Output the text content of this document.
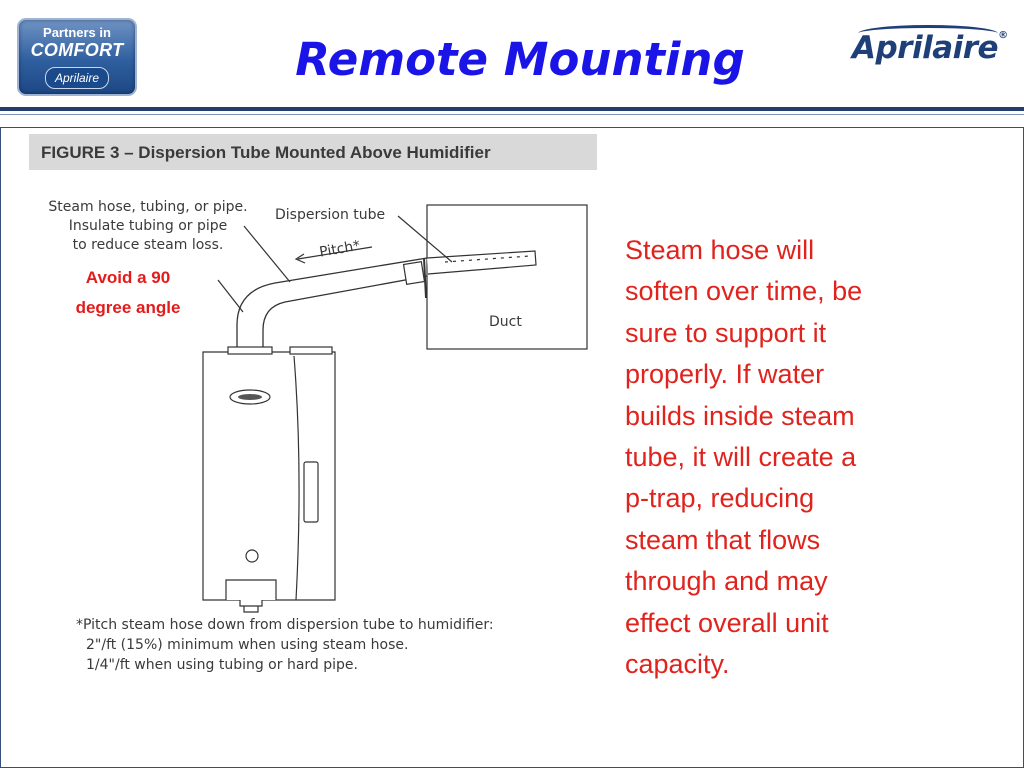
Partners in
COMFORT
Aprilaire	Remote Mounting	Aprilaire®
FIGURE 3 – Dispersion Tube Mounted Above Humidifier
Steam hose, tubing, or pipe.
Insulate tubing or pipe
to reduce steam loss.
Dispersion tube
Pitch*
Duct
Avoid a 90
degree angle
*Pitch steam hose down from dispersion tube to humidifier:
2"/ft (15%) minimum when using steam hose.
1/4"/ft when using tubing or hard pipe.
Steam hose will
soften over time, be
sure to support it
properly. If water
builds inside steam
tube, it will create a
p-trap, reducing
steam that flows
through and may
effect overall unit
capacity.
